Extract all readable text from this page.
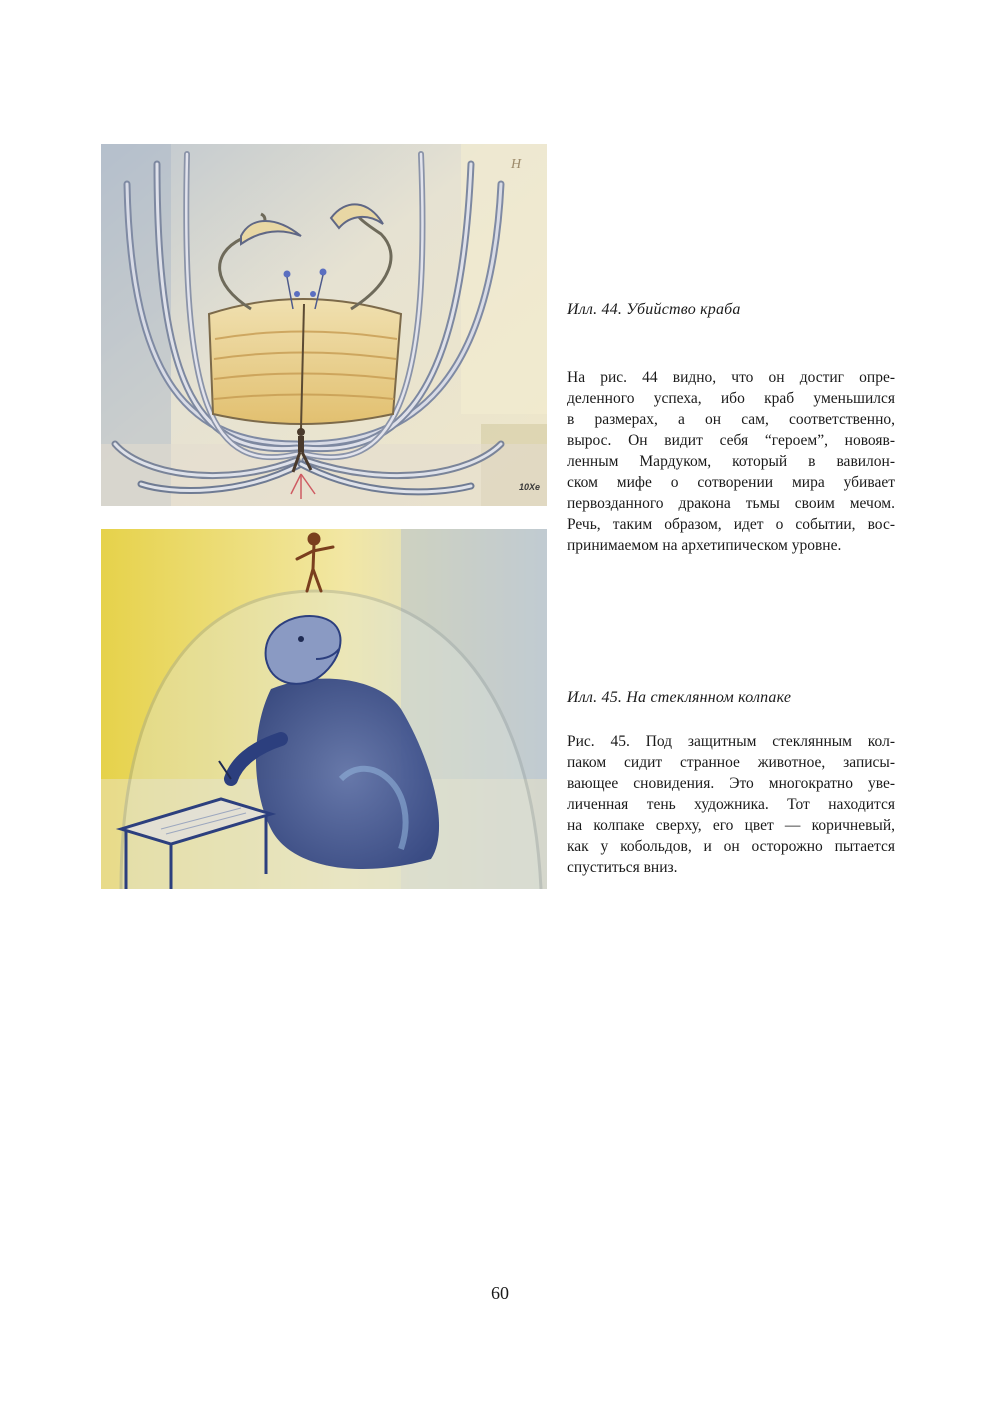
H
10Xe
Илл. 44. Убийство краба
На рис. 44 видно, что он достиг опре-
деленного успеха, ибо краб уменьшился
в размерах, а он сам, соответственно,
вырос. Он видит себя “героем”, новояв-
ленным Мардуком, который в вавилон-
ском мифе о сотворении мира убивает
первозданного дракона тьмы своим мечом.
Речь, таким образом, идет о событии, вос-
принимаемом на архетипическом уровне.
Илл. 45. На стеклянном колпаке
Рис. 45. Под защитным стеклянным кол-
паком сидит странное животное, записы-
вающее сновидения. Это многократно уве-
личенная тень художника. Тот находится
на колпаке сверху, его цвет — коричневый,
как у кобольдов, и он осторожно пытается
спуститься вниз.
60
